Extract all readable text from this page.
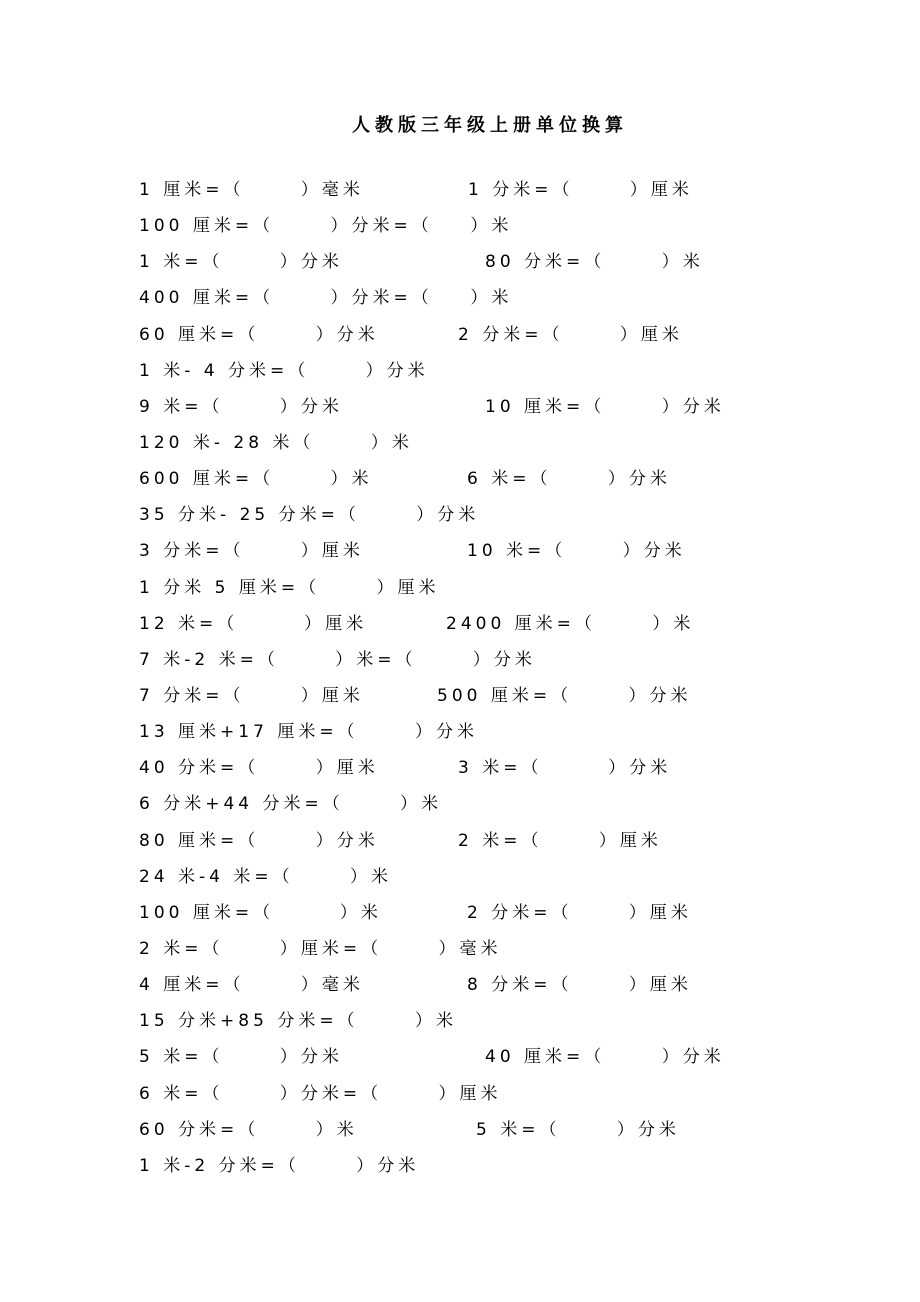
人教版三年级上册单位换算
1 厘米=（      ）毫米	1 分米=（      ）厘米
100 厘米=（      ）分米=（    ）米
1 米=（      ）分米	80 分米=（      ）米
400 厘米=（      ）分米=（    ）米
60 厘米=（      ）分米	2 分米=（      ）厘米
1 米- 4 分米=（      ）分米
9 米=（      ）分米	10 厘米=（      ）分米
120 米- 28 米（      ）米
600 厘米=（      ）米	6 米=（      ）分米
35 分米- 25 分米=（      ）分米
3 分米=（      ）厘米	10 米=（      ）分米
1 分米 5 厘米=（      ）厘米
12 米=（       ）厘米	2400 厘米=（      ）米
7 米-2 米=（      ）米=（      ）分米
7 分米=（      ）厘米	500 厘米=（      ）分米
13 厘米+17 厘米=（      ）分米
40 分米=（      ）厘米	3 米=（       ）分米
6 分米+44 分米=（      ）米
80 厘米=（      ）分米	2 米=（      ）厘米
24 米-4 米=（      ）米
100 厘米=（       ）米	2 分米=（      ）厘米
2 米=（      ）厘米=（      ）毫米
4 厘米=（      ）毫米	8 分米=（      ）厘米
15 分米+85 分米=（      ）米
5 米=（      ）分米	40 厘米=（      ）分米
6 米=（      ）分米=（      ）厘米
60 分米=（      ）米	5 米=（      ）分米
1 米-2 分米=（      ）分米
